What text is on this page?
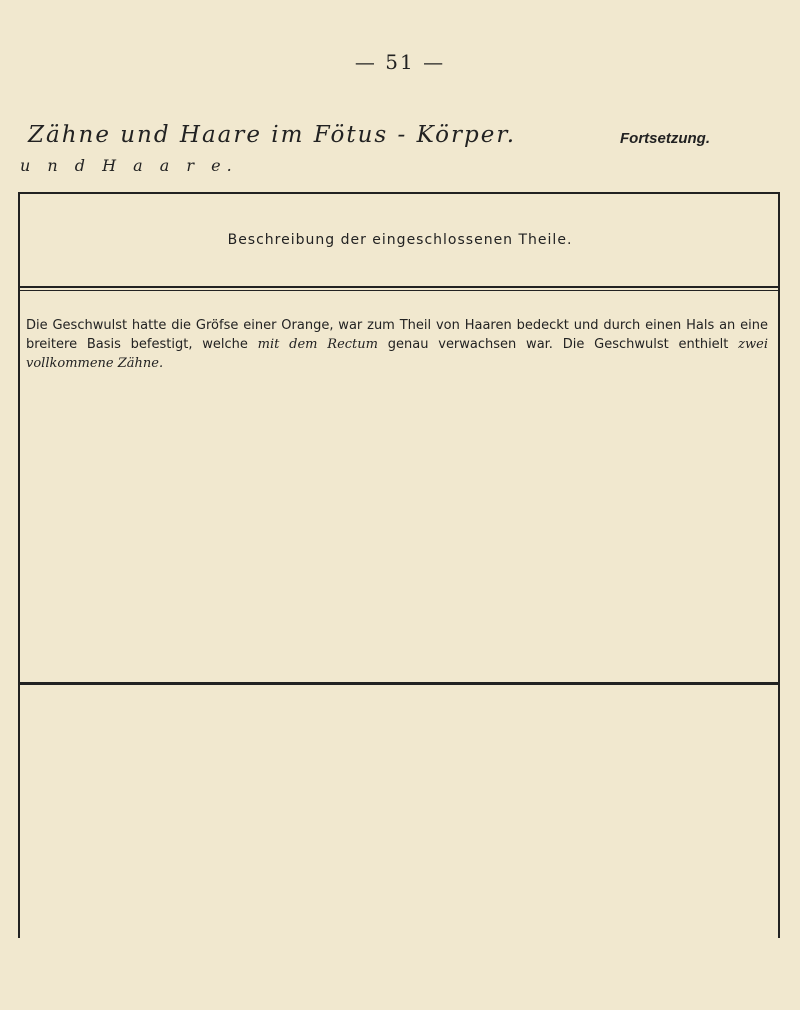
— 51 —
Zähne und Haare im Fötus - Körper.	Fortsetzung.
u n d H a a r e.
Beschreibung der eingeschlossenen Theile.
Die Geschwulst hatte die Gröfse einer Orange, war zum Theil von Haaren bedeckt und durch einen Hals an eine breitere Basis befestigt, welche mit dem Rectum genau verwachsen war. Die Geschwulst enthielt zwei vollkommene Zähne.
